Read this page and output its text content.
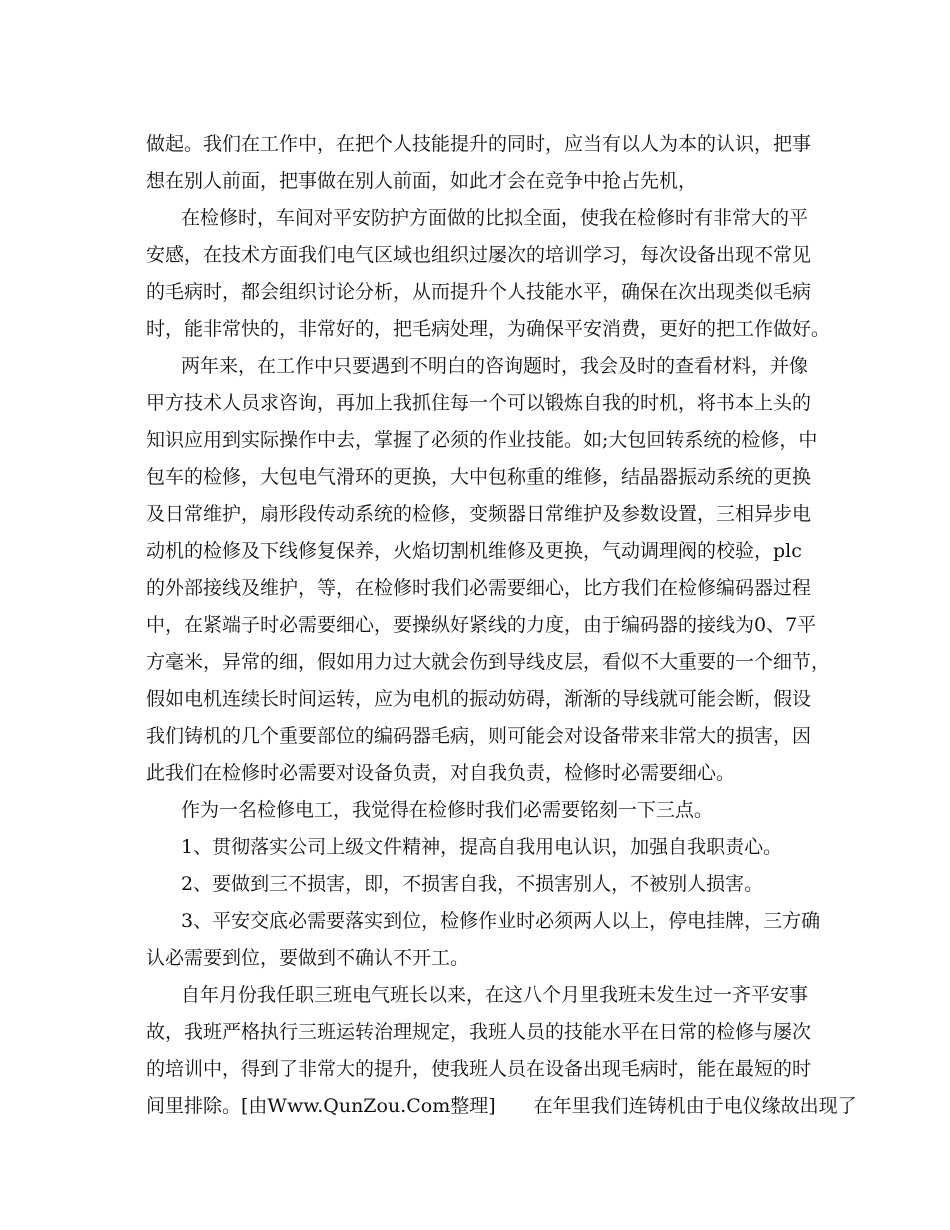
做起。我们在工作中，在把个人技能提升的同时，应当有以人为本的认识，把事
想在别人前面，把事做在别人前面，如此才会在竞争中抢占先机，
在检修时，车间对平安防护方面做的比拟全面，使我在检修时有非常大的平
安感，在技术方面我们电气区域也组织过屡次的培训学习，每次设备出现不常见
的毛病时，都会组织讨论分析，从而提升个人技能水平，确保在次出现类似毛病
时，能非常快的，非常好的，把毛病处理，为确保平安消费，更好的把工作做好。
两年来，在工作中只要遇到不明白的咨询题时，我会及时的查看材料，并像
甲方技术人员求咨询，再加上我抓住每一个可以锻炼自我的时机，将书本上头的
知识应用到实际操作中去，掌握了必须的作业技能。如;大包回转系统的检修，中
包车的检修，大包电气滑环的更换，大中包称重的维修，结晶器振动系统的更换
及日常维护，扇形段传动系统的检修，变频器日常维护及参数设置，三相异步电
动机的检修及下线修复保养，火焰切割机维修及更换，气动调理阀的校验，plc
的外部接线及维护，等，在检修时我们必需要细心，比方我们在检修编码器过程
中，在紧端子时必需要细心，要操纵好紧线的力度，由于编码器的接线为0、7平
方毫米，异常的细，假如用力过大就会伤到导线皮层，看似不大重要的一个细节，
假如电机连续长时间运转，应为电机的振动妨碍，渐渐的导线就可能会断，假设
我们铸机的几个重要部位的编码器毛病，则可能会对设备带来非常大的损害，因
此我们在检修时必需要对设备负责，对自我负责，检修时必需要细心。
作为一名检修电工，我觉得在检修时我们必需要铭刻一下三点。
1、贯彻落实公司上级文件精神，提高自我用电认识，加强自我职责心。
2、要做到三不损害，即，不损害自我，不损害别人，不被别人损害。
3、平安交底必需要落实到位，检修作业时必须两人以上，停电挂牌，三方确
认必需要到位，要做到不确认不开工。
自年月份我任职三班电气班长以来，在这八个月里我班未发生过一齐平安事
故，我班严格执行三班运转治理规定，我班人员的技能水平在日常的检修与屡次
的培训中，得到了非常大的提升，使我班人员在设备出现毛病时，能在最短的时
间里排除。[由Www.QunZou.Com整理]　　在年里我们连铸机由于电仪缘故出现了
